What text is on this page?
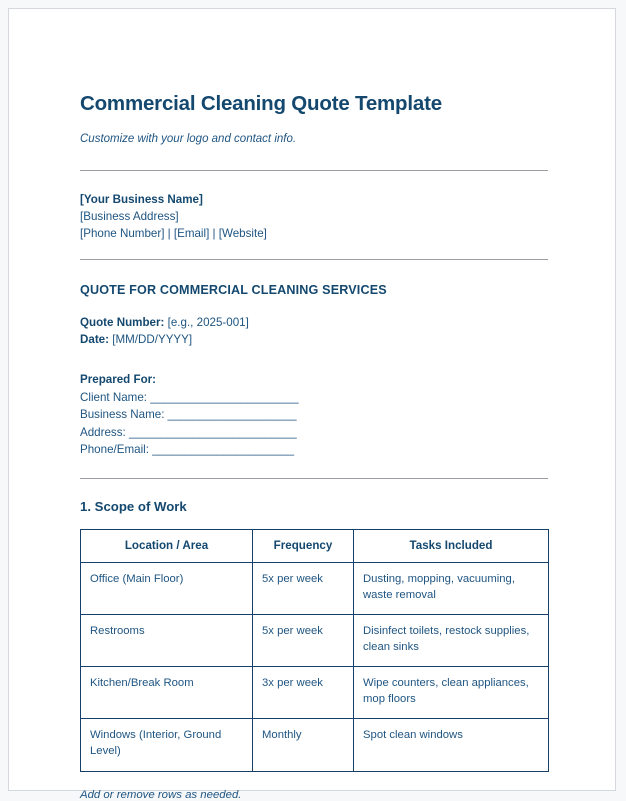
Commercial Cleaning Quote Template

Customize with your logo and contact info.

[Your Business Name]
[Business Address]
[Phone Number] | [Email] | [Website]
QUOTE FOR COMMERCIAL CLEANING SERVICES
Quote Number: [e.g., 2025-001]
Date: [MM/DD/YYYY]
Prepared For:
Client Name: _______________________
Business Name: ____________________
Address: __________________________
Phone/Email: ______________________
1. Scope of Work
Location / Area	Frequency	Tasks Included
Office (Main Floor)	5x per week	Dusting, mopping, vacuuming, waste removal
Restrooms	5x per week	Disinfect toilets, restock supplies, clean sinks
Kitchen/Break Room	3x per week	Wipe counters, clean appliances, mop floors
Windows (Interior, Ground Level)	Monthly	Spot clean windows
Add or remove rows as needed.
